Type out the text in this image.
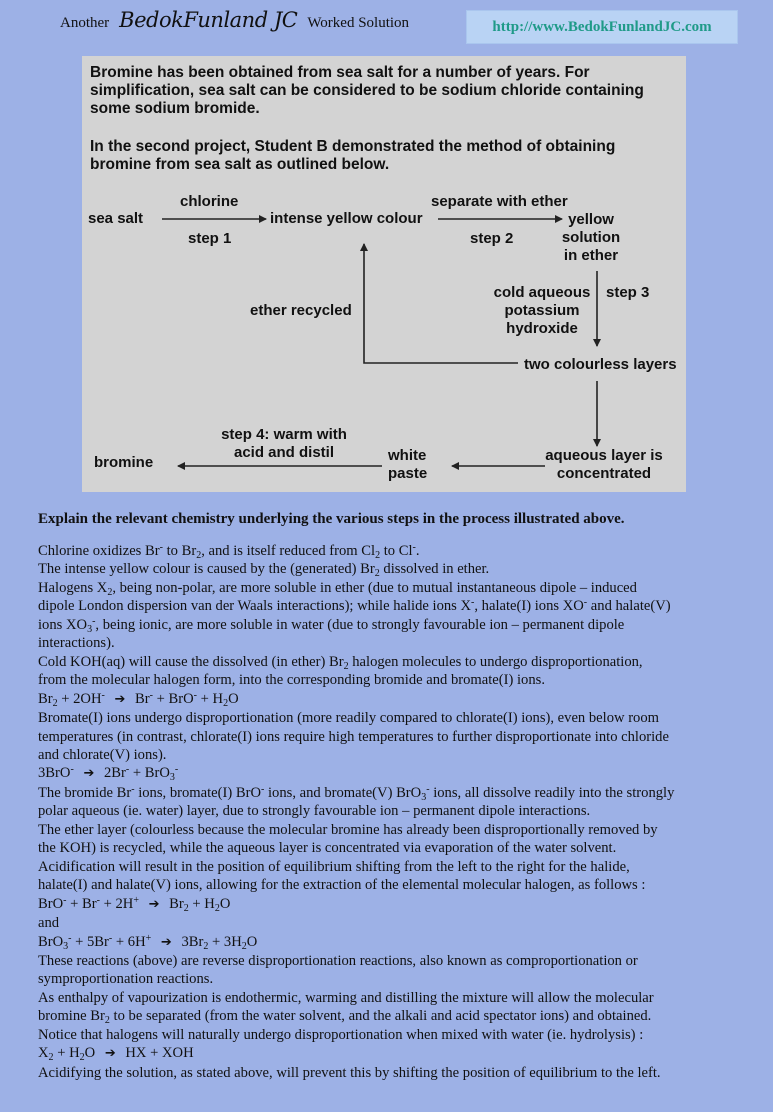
Another BedokFunland JC Worked Solution	http://www.BedokFunlandJC.com
Bromine has been obtained from sea salt for a number of years. For simplification, sea salt can be considered to be sodium chloride containing some sodium bromide.
In the second project, Student B demonstrated the method of obtaining bromine from sea salt as outlined below.
sea salt
chlorine
step 1
intense yellow colour
separate with ether
step 2
yellow
solution
in ether
cold aqueous
potassium
hydroxide
step 3
ether recycled
two colourless layers
aqueous layer is
concentrated
white
paste
step 4: warm with
acid and distil
bromine
Explain the relevant chemistry underlying the various steps in the process illustrated above.
Chlorine oxidizes Br- to $Br_2$, and is itself reduced from $Cl_2$ to Cl-.
The intense yellow colour is caused by the (generated) $Br_2$ dissolved in ether.
Halogens $X_2$, being non-polar, are more soluble in ether (due to mutual instantaneous dipole – induced
dipole London dispersion van der Waals interactions); while halide ions X-, halate(I) ions XO- and halate(V)
ions $XO_3^-$, being ionic, are more soluble in water (due to strongly favourable ion – permanent dipole
interactions).
Cold KOH(aq) will cause the dissolved (in ether) $Br_2$ halogen molecules to undergo disproportionation,
from the molecular halogen form, into the corresponding bromide and bromate(I) ions.
$Br_2 + 2OH^-$ ➔ $Br^- + BrO^- + H_2O$
Bromate(I) ions undergo disproportionation (more readily compared to chlorate(I) ions), even below room
temperatures (in contrast, chlorate(I) ions require high temperatures to further disproportionate into chloride
and chlorate(V) ions).
3BrO- ➔ 2Br- + BrO$_3$-
The bromide Br- ions, bromate(I) BrO- ions, and bromate(V) BrO$_3$- ions, all dissolve readily into the strongly
polar aqueous (ie. water) layer, due to strongly favourable ion – permanent dipole interactions.
The ether layer (colourless because the molecular bromine has already been disproportionally removed by
the KOH) is recycled, while the aqueous layer is concentrated via evaporation of the water solvent.
Acidification will result in the position of equilibrium shifting from the left to the right for the halide,
halate(I) and halate(V) ions, allowing for the extraction of the elemental molecular halogen, as follows :
BrO- + Br- + 2H+ ➔ $Br_2 + H_2O$
and
BrO$_3$- + 5Br- + 6H+ ➔ $3Br_2 + 3H_2O$
These reactions (above) are reverse disproportionation reactions, also known as comproportionation or
symproportionation reactions.
As enthalpy of vapourization is endothermic, warming and distilling the mixture will allow the molecular
bromine $Br_2$ to be separated (from the water solvent, and the alkali and acid spectator ions) and obtained.
Notice that halogens will naturally undergo disproportionation when mixed with water (ie. hydrolysis) :
$X_2 + H_2O$ ➔ HX + XOH
Acidifying the solution, as stated above, will prevent this by shifting the position of equilibrium to the left.
